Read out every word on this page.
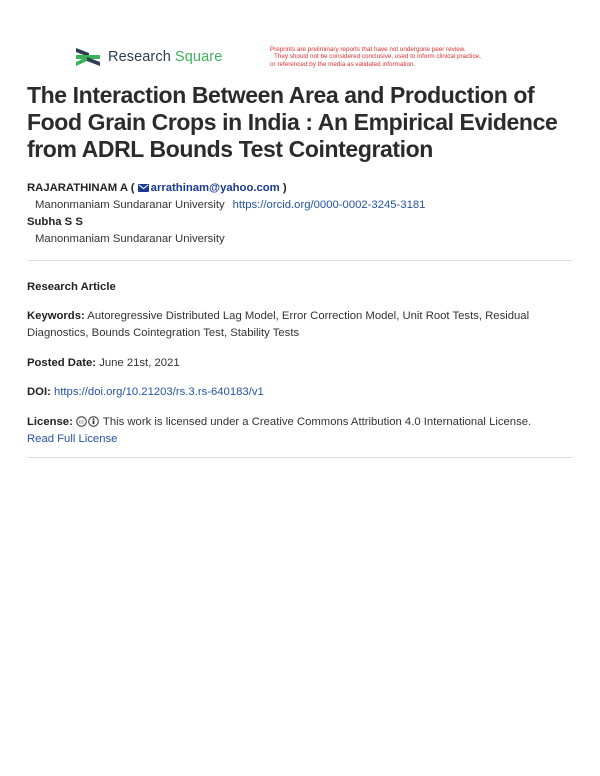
Research Square	Preprints are preliminary reports that have not undergone peer review.
They should not be considered conclusive, used to inform clinical practice,
or referenced by the media as validated information.
The Interaction Between Area and Production of Food Grain Crops in India : An Empirical Evidence from ADRL Bounds Test Cointegration
RAJARATHINAM A ( arrathinam@yahoo.com )
Manonmaniam Sundaranar University https://orcid.org/0000-0002-3245-3181
Subha S S
Manonmaniam Sundaranar University
Research Article
Keywords: Autoregressive Distributed Lag Model, Error Correction Model, Unit Root Tests, Residual Diagnostics, Bounds Cointegration Test, Stability Tests
Posted Date: June 21st, 2021
DOI: https://doi.org/10.21203/rs.3.rs-640183/v1
License: cc This work is licensed under a Creative Commons Attribution 4.0 International License.
Read Full License
